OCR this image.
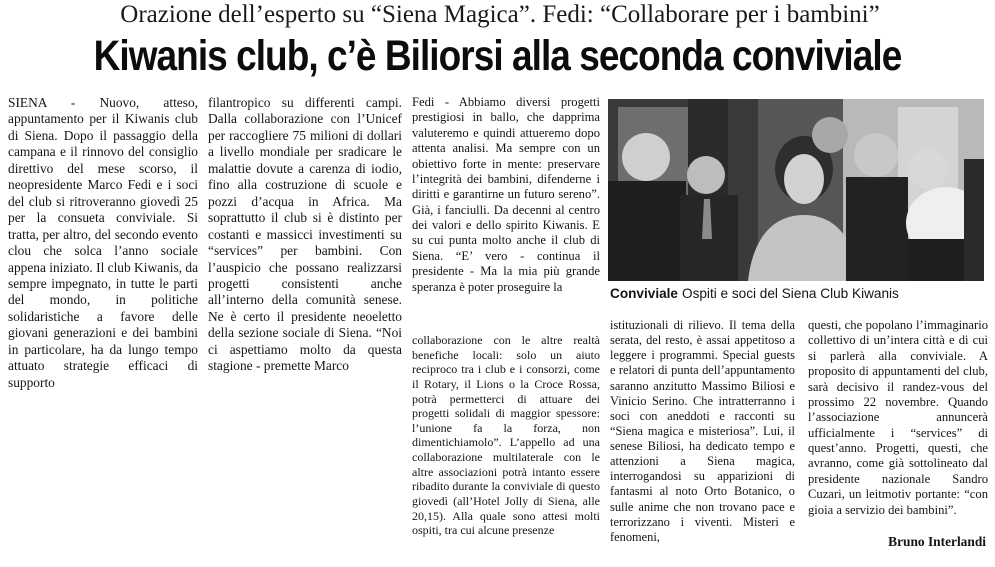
Orazione dell’esperto su “Siena Magica”. Fedi: “Collaborare per i bambini”
Kiwanis club, c’è Biliorsi alla seconda conviviale

SIENA - Nuovo, atteso, appuntamento per il Kiwanis club di Siena. Dopo il passaggio della campana e il rinnovo del consiglio direttivo del mese scorso, il neopresidente Marco Fedi e i soci del club si ritroveranno giovedì 25 per la consueta conviviale. Si tratta, per altro, del secondo evento clou che solca l’anno sociale appena iniziato. Il club Kiwanis, da sempre impegnato, in tutte le parti del mondo, in politiche solidaristiche a favore delle giovani generazioni e dei bambini in particolare, ha da lungo tempo attuato strategie efficaci di supporto

filantropico su differenti campi. Dalla collaborazione con l’Unicef per raccogliere 75 milioni di dollari a livello mondiale per sradicare le malattie dovute a carenza di iodio, fino alla costruzione di scuole e pozzi d’acqua in Africa. Ma soprattutto il club si è distinto per costanti e massicci investimenti su “services” per bambini. Con l’auspicio che possano realizzarsi progetti consistenti anche all’interno della comunità senese. Ne è certo il presidente neoeletto della sezione sociale di Siena. “Noi ci aspettiamo molto da questa stagione - premette Marco

Fedi - Abbiamo diversi progetti prestigiosi in ballo, che dapprima valuteremo e quindi attueremo dopo attenta analisi. Ma sempre con un obiettivo forte in mente: preservare l’integrità dei bambini, difenderne i diritti e garantirne un futuro sereno”. Già, i fanciulli. Da decenni al centro dei valori e dello spirito Kiwanis. E su cui punta molto anche il club di Siena. “E’ vero - continua il presidente - Ma la mia più grande speranza è poter proseguire la

collaborazione con le altre realtà benefiche locali: solo un aiuto reciproco tra i club e i consorzi, come il Rotary, il Lions o la Croce Rossa, potrà permetterci di attuare dei progetti solidali di maggior spessore: l’unione fa la forza, non dimentichiamolo”. L’appello ad una collaborazione multilaterale con le altre associazioni potrà intanto essere ribadito durante la conviviale di questo giovedì (all’Hotel Jolly di Siena, alle 20,15). Alla quale sono attesi molti ospiti, tra cui alcune presenze

istituzionali di rilievo. Il tema della serata, del resto, è assai appetitoso a leggere i programmi. Special guests e relatori di punta dell’appuntamento saranno anzitutto Massimo Biliosi e Vinicio Serino. Che intratterranno i soci con aneddoti e racconti su “Siena magica e misteriosa”. Lui, il senese Biliosi, ha dedicato tempo e attenzioni a Siena magica, interrogandosi su apparizioni di fantasmi al noto Orto Botanico, o sulle anime che non trovano pace e terrorizzano i viventi. Misteri e fenomeni,

questi, che popolano l’immaginario collettivo di un’intera città e di cui si parlerà alla conviviale. A proposito di appuntamenti del club, sarà decisivo il randez-vous del prossimo 22 novembre. Quando l’associazione annuncerà ufficialmente i “services” di quest’anno. Progetti, questi, che avranno, come già sottolineato dal presidente nazionale Sandro Cuzari, un leitmotiv portante: “con gioia a servizio dei bambini”.

Conviviale Ospiti e soci del Siena Club Kiwanis
Bruno Interlandi
